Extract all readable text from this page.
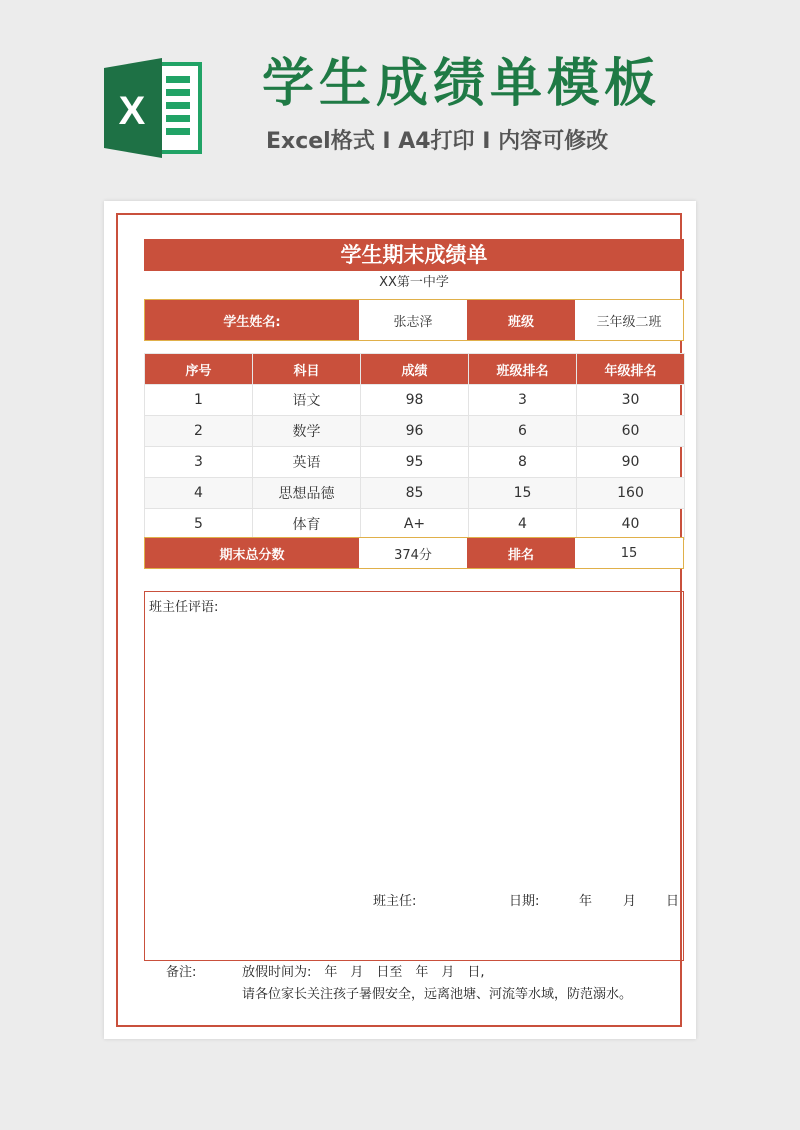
X 学生成绩单模板
Excel格式 I A4打印 I 内容可修改
学生期末成绩单
XX第一中学
学生姓名:	张志泽	班级	三年级二班
序号	科目	成绩	班级排名	年级排名
1	语文	98	3	30
2	数学	96	6	60
3	英语	95	8	90
4	思想品德	85	15	160
5	体育	A+	4	40
期末总分数	374分	排名	15
班主任评语:
班主任:	日期:	年 月 日
备注:	放假时间为:　年　月　日至　年　月　日,
请各位家长关注孩子暑假安全，远离池塘、河流等水域，防范溺水。
